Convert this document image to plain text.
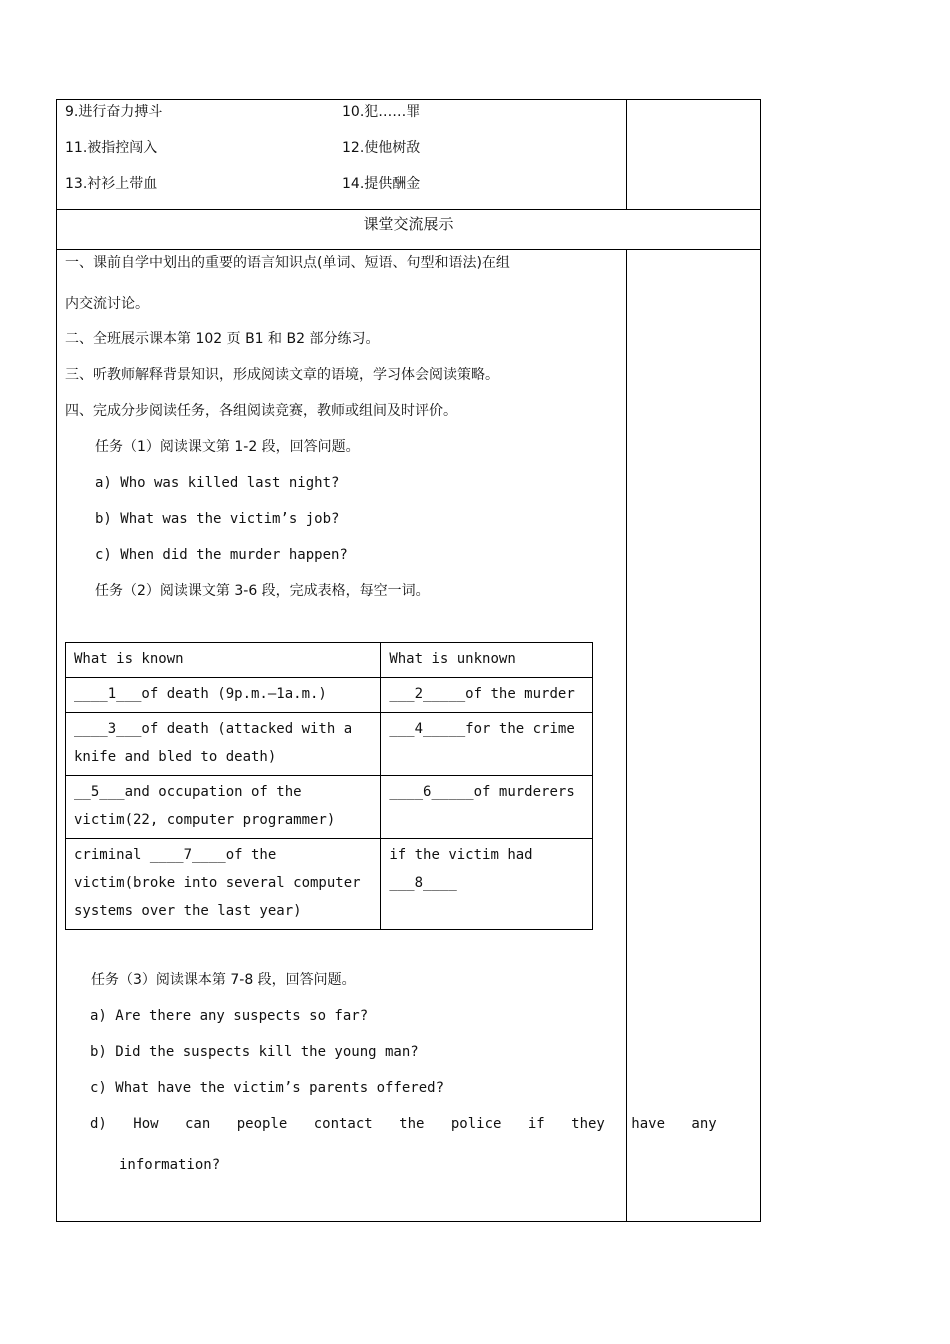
9.进行奋力搏斗	10.犯……罪
11.被指控闯入	12.使他树敌
13.衬衫上带血	14.提供酬金
课堂交流展示
一、课前自学中划出的重要的语言知识点(单词、短语、句型和语法)在组
内交流讨论。
二、全班展示课本第 102 页 B1 和 B2 部分练习。
三、听教师解释背景知识，形成阅读文章的语境，学习体会阅读策略。
四、完成分步阅读任务，各组阅读竞赛，教师或组间及时评价。
任务（1）阅读课文第 1-2 段，回答问题。
a) Who was killed last night?
b) What was the victim’s job?
c) When did the murder happen?
任务（2）阅读课文第 3-6 段，完成表格，每空一词。
What is known	What is unknown
____1___of death (9p.m.—1a.m.)	___2_____of the murder
____3___of death (attacked with a knife and bled to death)	___4_____for the crime
__5___and occupation of the victim(22, computer programmer)	____6_____of murderers
criminal ____7____of the victim(broke into several computer systems over the last year)	if the victim had ___8____
任务（3）阅读课本第 7-8 段，回答问题。
a) Are there any suspects so far?
b) Did the suspects kill the young man?
c) What have the victim’s parents offered?
d) How can people contact the police if they have any
information?
